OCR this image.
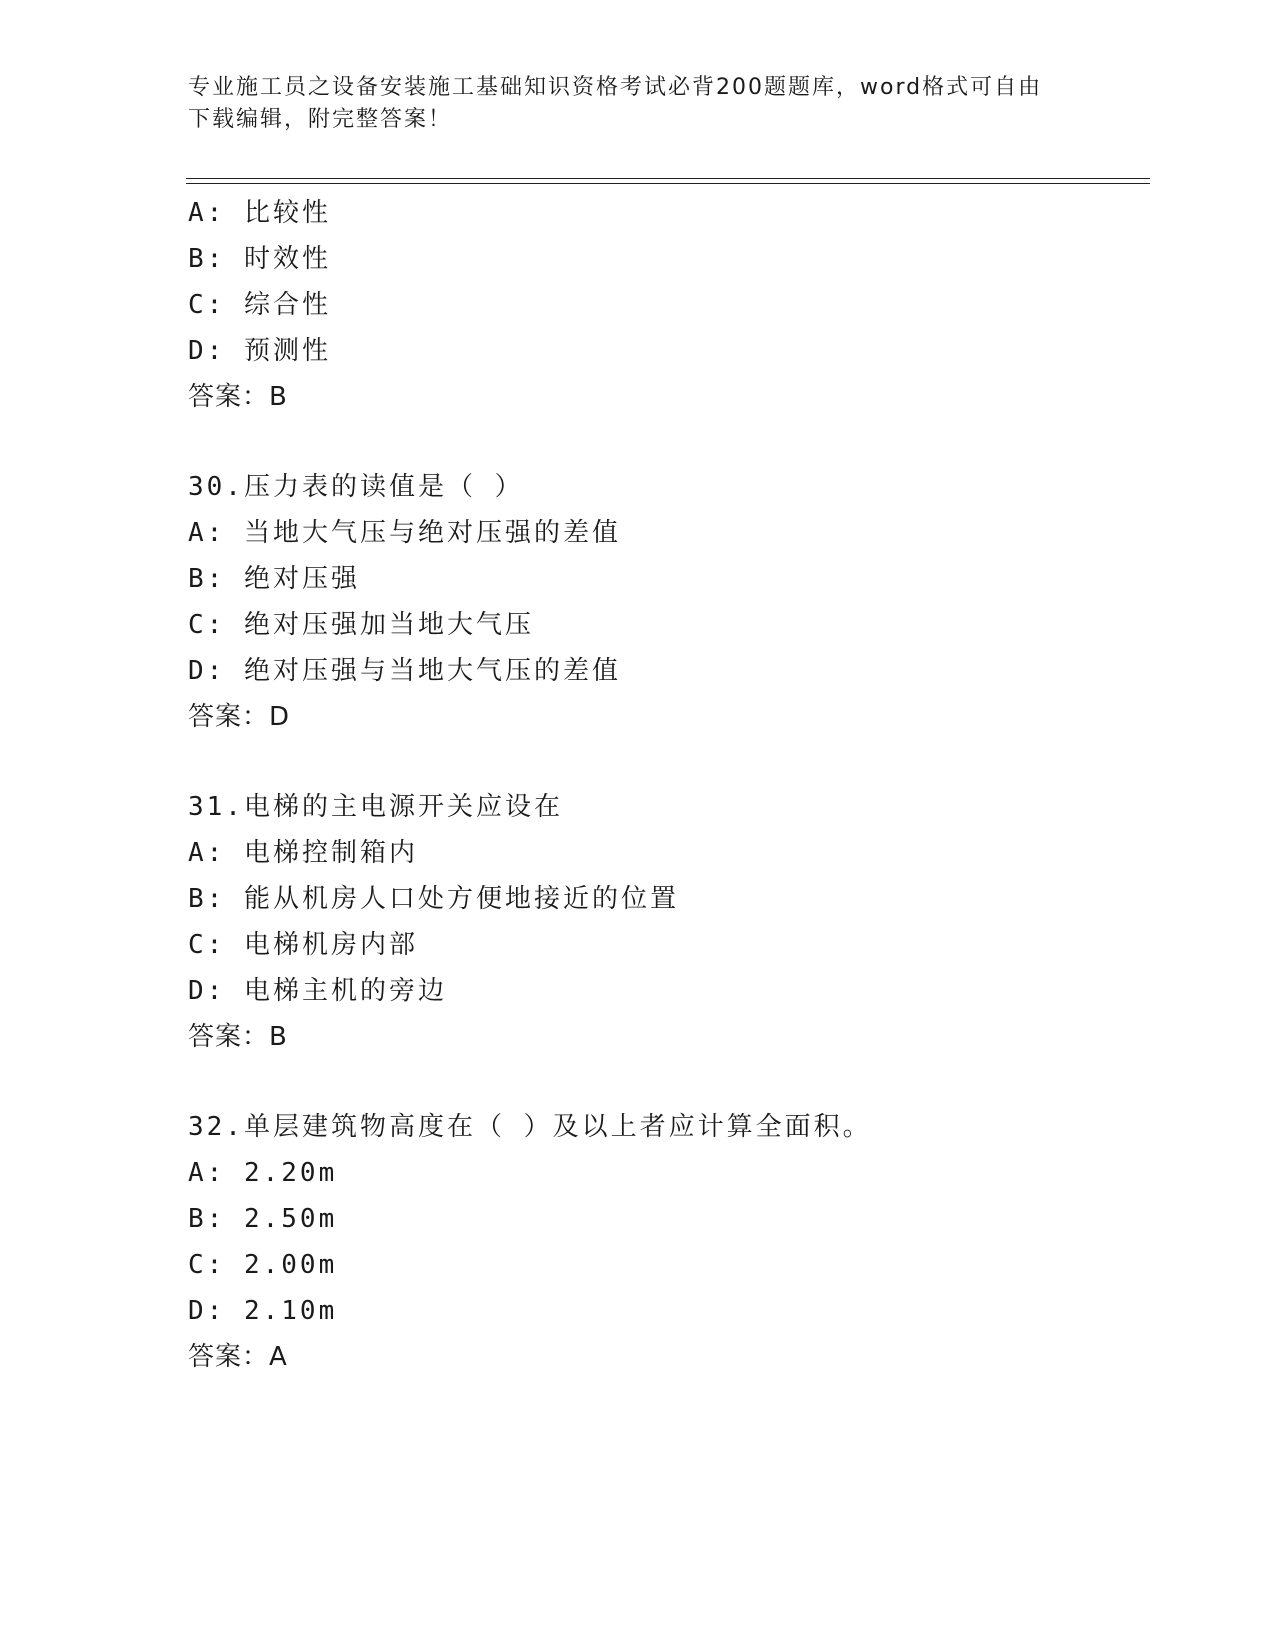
专业施工员之设备安装施工基础知识资格考试必背200题题库，word格式可自由
下载编辑，附完整答案！
A: 比较性
B: 时效性
C: 综合性
D: 预测性
答案：B
30.压力表的读值是（ ）
A: 当地大气压与绝对压强的差值
B: 绝对压强
C: 绝对压强加当地大气压
D: 绝对压强与当地大气压的差值
答案：D
31.电梯的主电源开关应设在
A: 电梯控制箱内
B: 能从机房人口处方便地接近的位置
C: 电梯机房内部
D: 电梯主机的旁边
答案：B
32.单层建筑物高度在（ ）及以上者应计算全面积。
A: 2.20m
B: 2.50m
C: 2.00m
D: 2.10m
答案：A
